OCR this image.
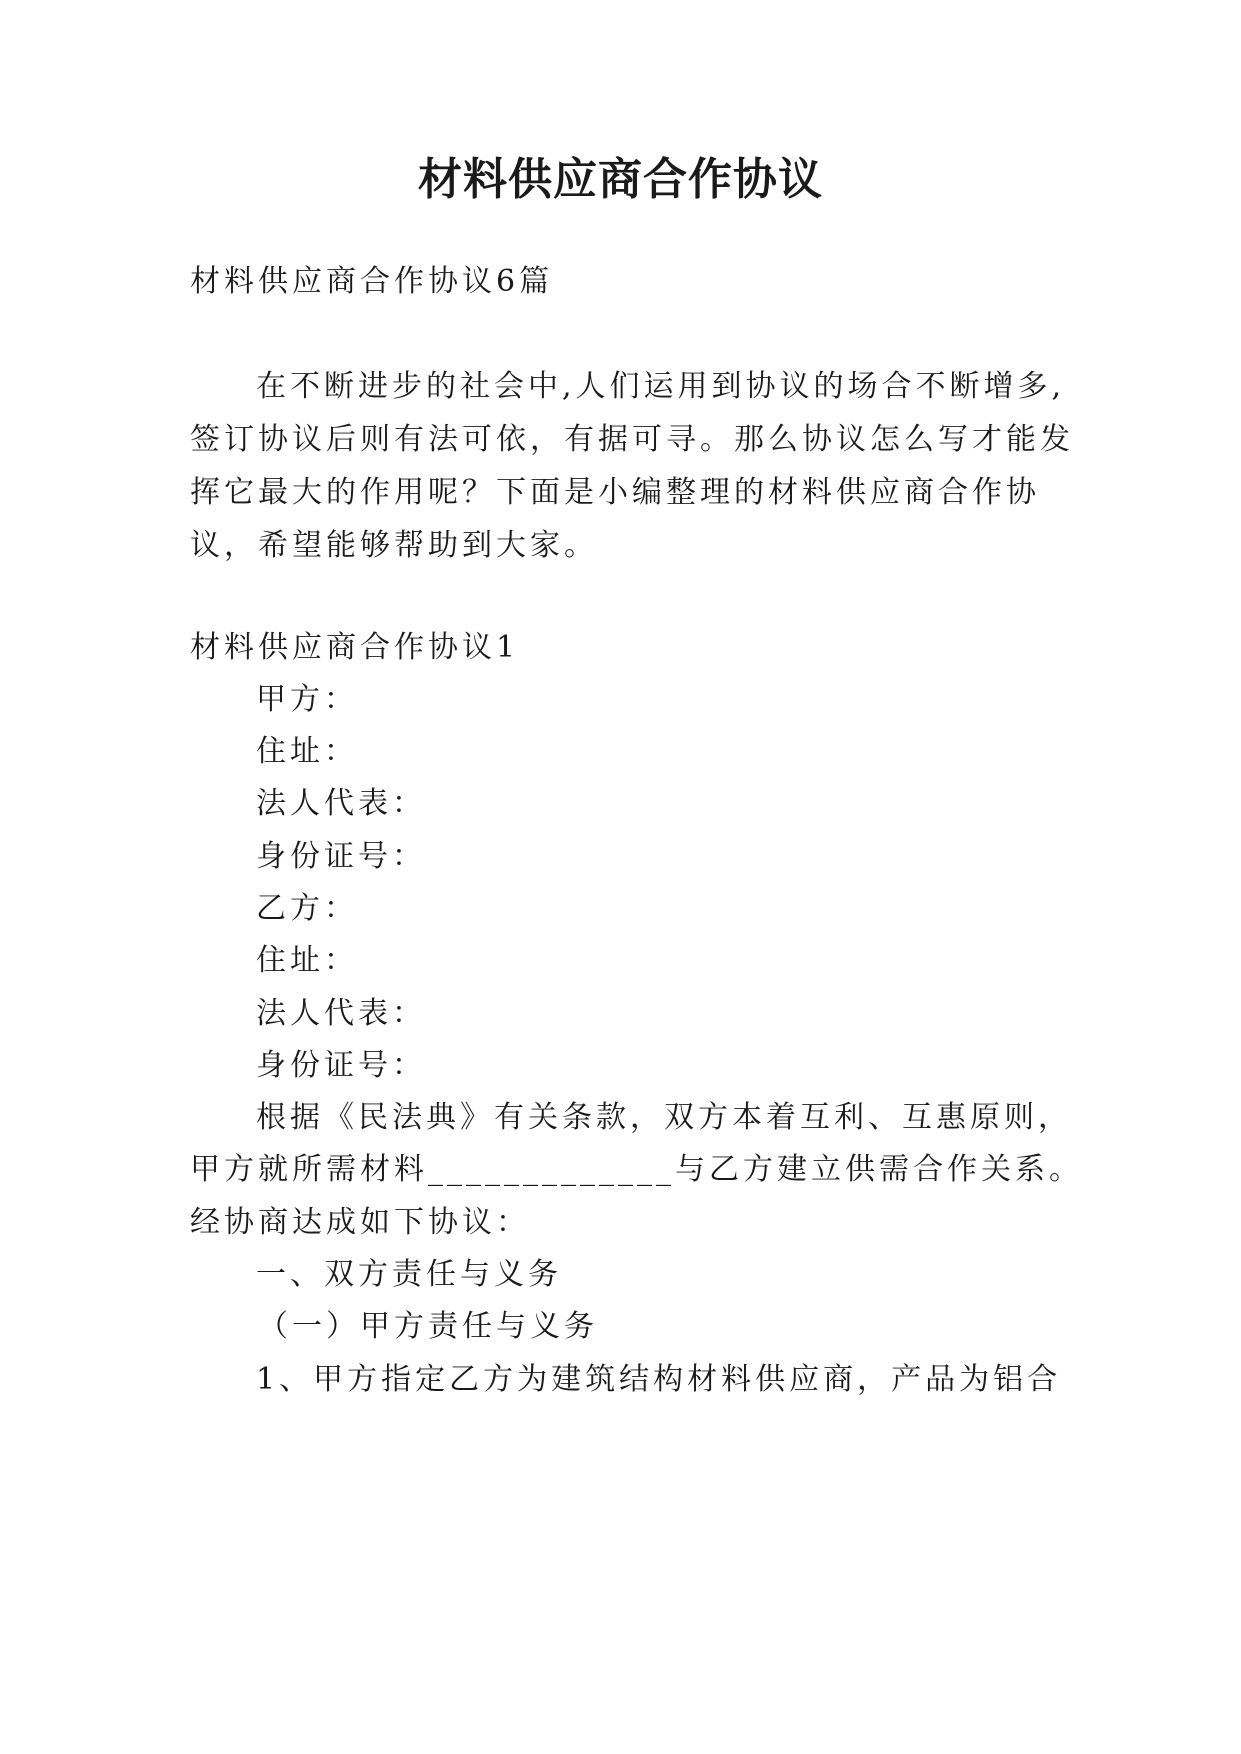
材料供应商合作协议

材料供应商合作协议6篇

在不断进步的社会中,人们运用到协议的场合不断增多,

签订协议后则有法可依，有据可寻。那么协议怎么写才能发

挥它最大的作用呢？下面是小编整理的材料供应商合作协

议，希望能够帮助到大家。

材料供应商合作协议1

甲方：

住址：

法人代表：

身份证号：

乙方：

住址：

法人代表：

身份证号：

根据《民法典》有关条款，双方本着互利、互惠原则，

甲方就所需材料_____________与乙方建立供需合作关系。

经协商达成如下协议：

一、双方责任与义务

（一）甲方责任与义务

1、甲方指定乙方为建筑结构材料供应商，产品为铝合
